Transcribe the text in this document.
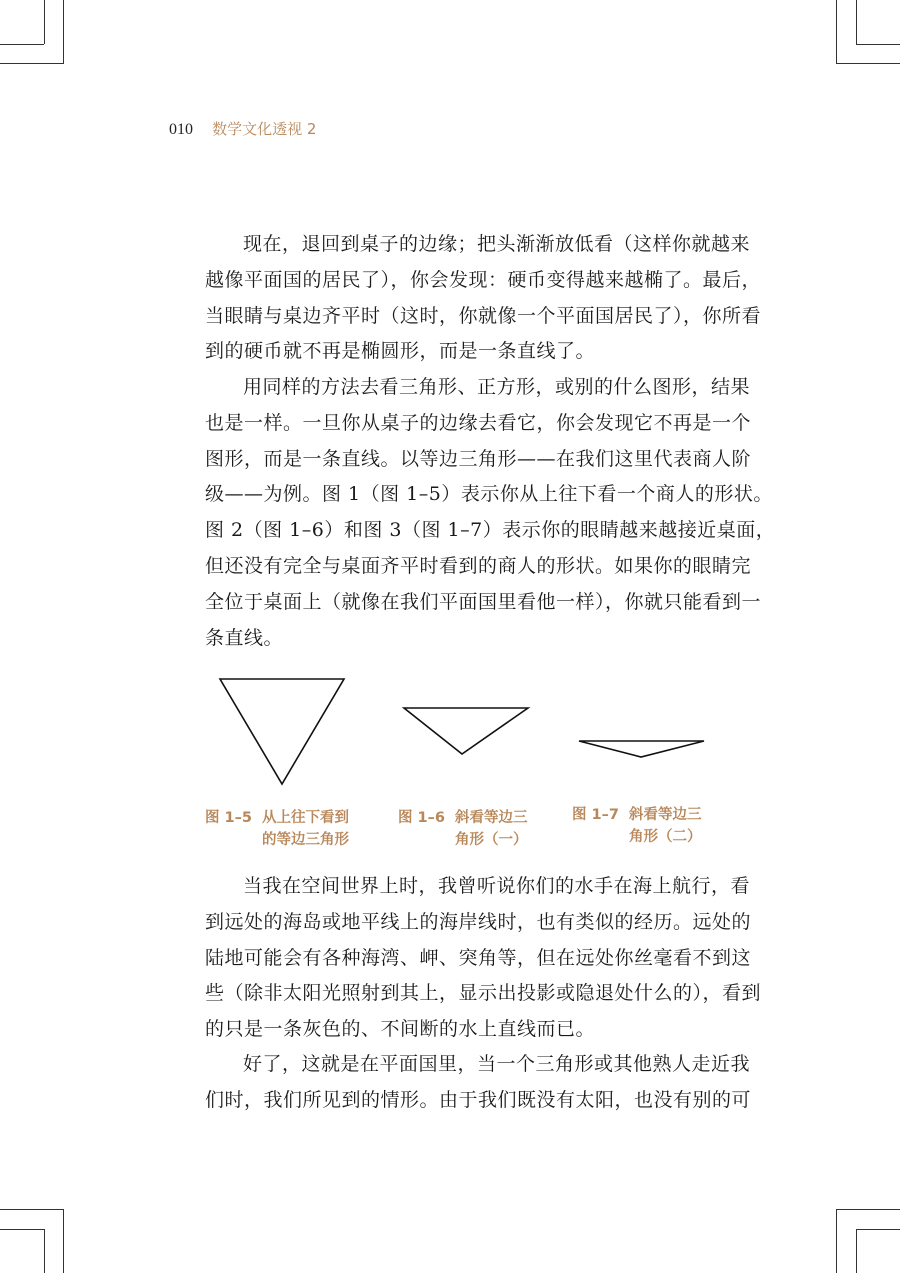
010 数学文化透视 2

现在，退回到桌子的边缘；把头渐渐放低看（这样你就越来
越像平面国的居民了），你会发现：硬币变得越来越椭了。最后，
当眼睛与桌边齐平时（这时，你就像一个平面国居民了），你所看
到的硬币就不再是椭圆形，而是一条直线了。

用同样的方法去看三角形、正方形，或别的什么图形，结果
也是一样。一旦你从桌子的边缘去看它，你会发现它不再是一个
图形，而是一条直线。以等边三角形——在我们这里代表商人阶
级——为例。图 1（图 1–5）表示你从上往下看一个商人的形状。
图 2（图 1–6）和图 3（图 1–7）表示你的眼睛越来越接近桌面，
但还没有完全与桌面齐平时看到的商人的形状。如果你的眼睛完
全位于桌面上（就像在我们平面国里看他一样），你就只能看到一
条直线。

图 1–5 从上往下看到
的等边三角形
图 1–6 斜看等边三
角形（一）
图 1–7 斜看等边三
角形（二）

当我在空间世界上时，我曾听说你们的水手在海上航行，看
到远处的海岛或地平线上的海岸线时，也有类似的经历。远处的
陆地可能会有各种海湾、岬、突角等，但在远处你丝毫看不到这
些（除非太阳光照射到其上，显示出投影或隐退处什么的），看到
的只是一条灰色的、不间断的水上直线而已。

好了，这就是在平面国里，当一个三角形或其他熟人走近我
们时，我们所见到的情形。由于我们既没有太阳，也没有别的可
